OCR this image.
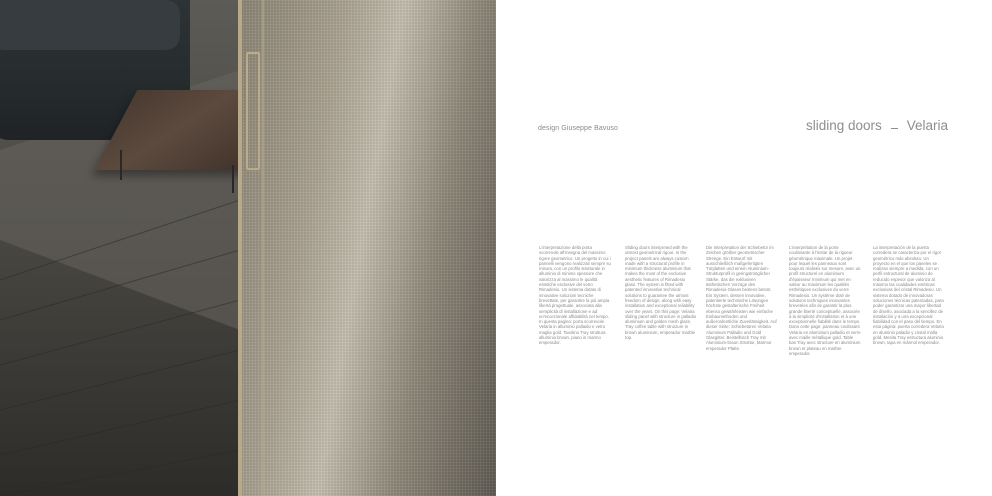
design Giuseppe Bavuso	sliding doors Velaria
L'interpretazione della porta scorrevole all'insegna del massimo rigore geometrico. Un progetto in cui i pannelli vengono realizzati sempre su misura, con un profilo strutturale in alluminio di minimo spessore che valorizza al massimo le qualità estetiche esclusive del vetro Rimadesio. Un sistema dotato di innovative soluzioni tecniche brevettate, per garantire la più ampia libertà progettuale, associata alla semplicità di installazione e ad un'eccezionale affidabilità nel tempo. In questa pagina: porta scorrevole Velaria in alluminio palladio e vetro maglia gold. Tavolino Tray struttura alluminio brown, piano in marmo emperador.
Sliding doors interpreted with the utmost geometrical rigour. In the project panels are always custom made with a structural profile in minimum thickness aluminium that makes the most of the exclusive aesthetic features of Rimadesio glass. The system is fitted with patented innovative technical solutions to guarantee the utmost freedom of design, along with easy installation and exceptional reliability over the years. On this page: Velaria sliding panel with structure in palladio aluminium and golden mesh glass. Tray coffee table with structure in brown aluminium, emperador marble top.
Die Interpretation der Schiebetür im Zeichen größter geometrischer Strenge. Ein Entwurf mit ausschließlich maßgefertigten Türplatten und einem Aluminium-Strukturprofil in geringstmöglicher Stärke, das die exklusiven ästhetischen Vorzüge des Rimadesio-Glases bestens betont. Ein System, dessen innovative, patentierte technische Lösungen höchste gestalterische Freiheit ebenso gewährleisten wie einfache Einbaumethoden und außerordentliche Zuverlässigkeit. Auf dieser Seite: Schiebetüren Velaria Aluminium Palladio und Gold Glasgitter. Beistelltisch Tray mit Aluminium-braun Struktur, Marmor emperador Platte.
L'interprétation de la porte coulissante à l'instar de la rigueur géométrique maximale. Un projet pour lequel les panneaux sont toujours réalisés sur mesure, avec un profil structurel en aluminium d'épaisseur minimum qui met en valeur au maximum les qualités esthétiques exclusives du verre Rimadesio. Un système doté de solutions techniques innovantes brevetées afin de garantir la plus grande liberté conceptuelle, associée à la simplicité d'installation et à une exceptionnelle fiabilité dans le temps. Dans cette page: panneau coulissant Velaria en aluminium palladio et verre avec maille métallique gold. Table bas Tray avec structure en aluminium brown et plateau en marbre emperador.
La interpretación de la puerta corredera se caracteriza por el rigor geométrico más absoluto. Un proyecto en el que los paneles se realizan siempre a medida, con un perfil estructural de aluminio de reducido espesor que valoriza al máximo las cualidades estéticas exclusivas del cristal Rimadesio. Un sistema dotado de innovadoras soluciones técnicas patentadas, para poder garantizar una mayor libertad de diseño, asociada a la sencillez de instalación y a una excepcional fiabilidad con el paso del tiempo. En esta página: puerta corredera Velaria en aluminio paladio y cristal malla gold. Mesita Tray estructura aluminio brown, tapa en mármol emperador.
